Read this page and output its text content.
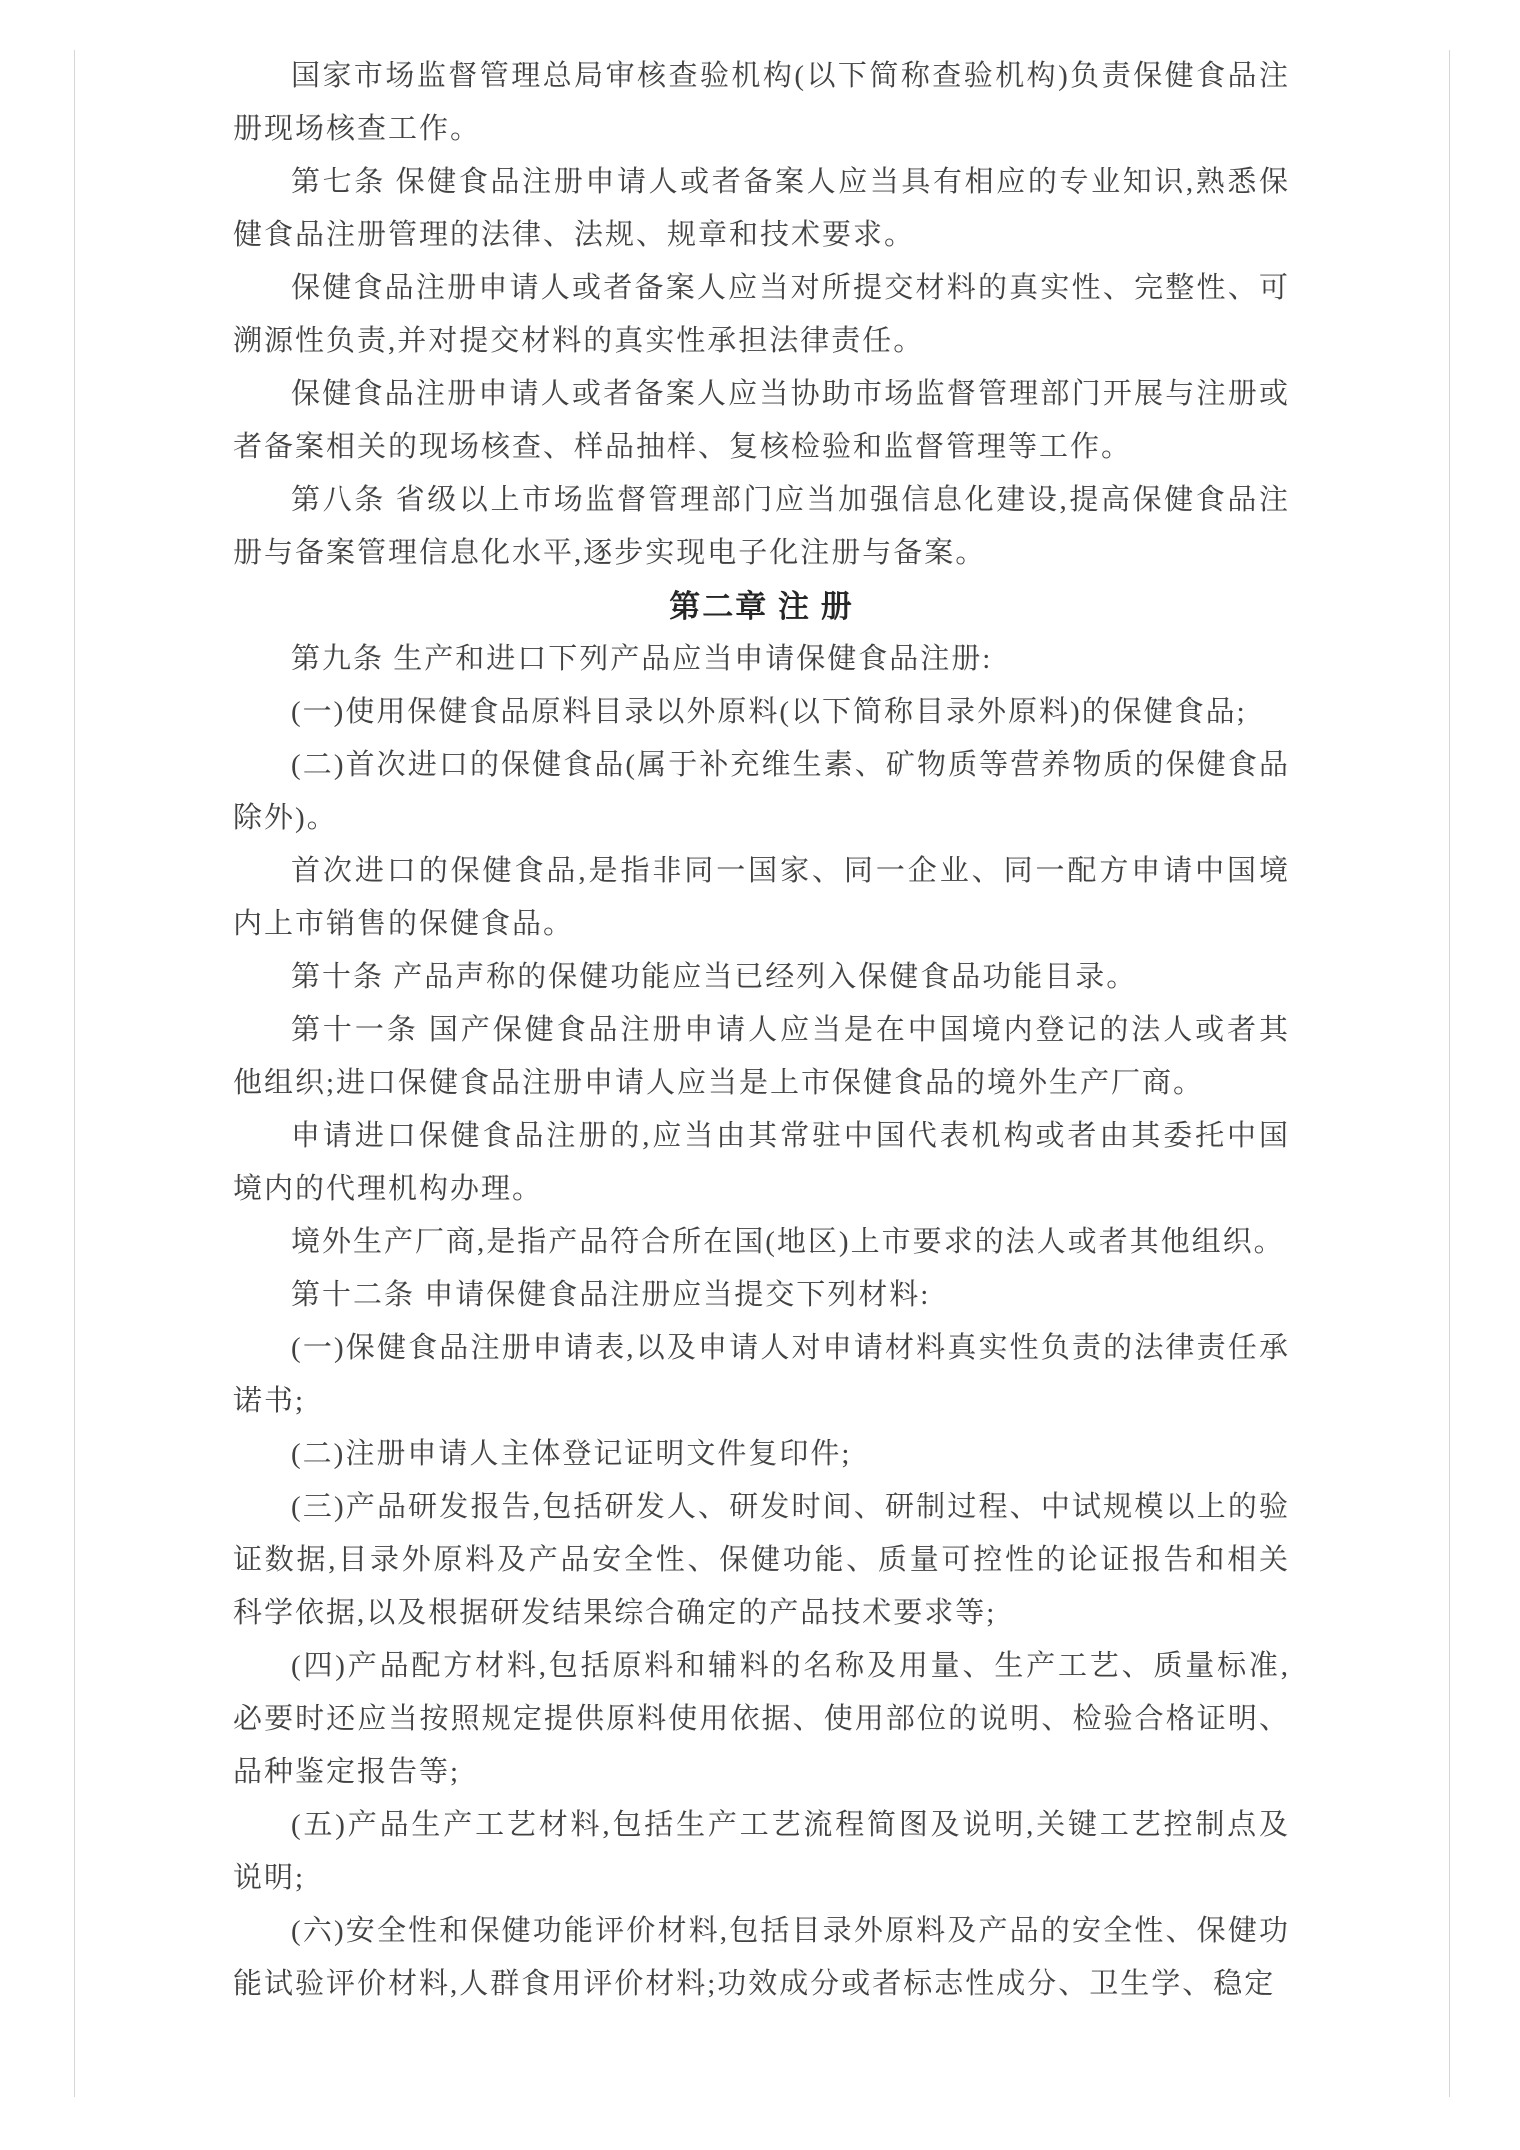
国家市场监督管理总局审核查验机构(以下简称查验机构)负责保健食品注册现场核查工作。

第七条 保健食品注册申请人或者备案人应当具有相应的专业知识,熟悉保健食品注册管理的法律、法规、规章和技术要求。

保健食品注册申请人或者备案人应当对所提交材料的真实性、完整性、可溯源性负责,并对提交材料的真实性承担法律责任。

保健食品注册申请人或者备案人应当协助市场监督管理部门开展与注册或者备案相关的现场核查、样品抽样、复核检验和监督管理等工作。

第八条 省级以上市场监督管理部门应当加强信息化建设,提高保健食品注册与备案管理信息化水平,逐步实现电子化注册与备案。

第二章 注 册

第九条 生产和进口下列产品应当申请保健食品注册:

(一)使用保健食品原料目录以外原料(以下简称目录外原料)的保健食品;

(二)首次进口的保健食品(属于补充维生素、矿物质等营养物质的保健食品除外)。

首次进口的保健食品,是指非同一国家、同一企业、同一配方申请中国境内上市销售的保健食品。

第十条 产品声称的保健功能应当已经列入保健食品功能目录。

第十一条 国产保健食品注册申请人应当是在中国境内登记的法人或者其他组织;进口保健食品注册申请人应当是上市保健食品的境外生产厂商。

申请进口保健食品注册的,应当由其常驻中国代表机构或者由其委托中国境内的代理机构办理。

境外生产厂商,是指产品符合所在国(地区)上市要求的法人或者其他组织。

第十二条 申请保健食品注册应当提交下列材料:

(一)保健食品注册申请表,以及申请人对申请材料真实性负责的法律责任承诺书;

(二)注册申请人主体登记证明文件复印件;

(三)产品研发报告,包括研发人、研发时间、研制过程、中试规模以上的验证数据,目录外原料及产品安全性、保健功能、质量可控性的论证报告和相关科学依据,以及根据研发结果综合确定的产品技术要求等;

(四)产品配方材料,包括原料和辅料的名称及用量、生产工艺、质量标准,必要时还应当按照规定提供原料使用依据、使用部位的说明、检验合格证明、品种鉴定报告等;

(五)产品生产工艺材料,包括生产工艺流程简图及说明,关键工艺控制点及说明;

(六)安全性和保健功能评价材料,包括目录外原料及产品的安全性、保健功能试验评价材料,人群食用评价材料;功效成分或者标志性成分、卫生学、稳定
